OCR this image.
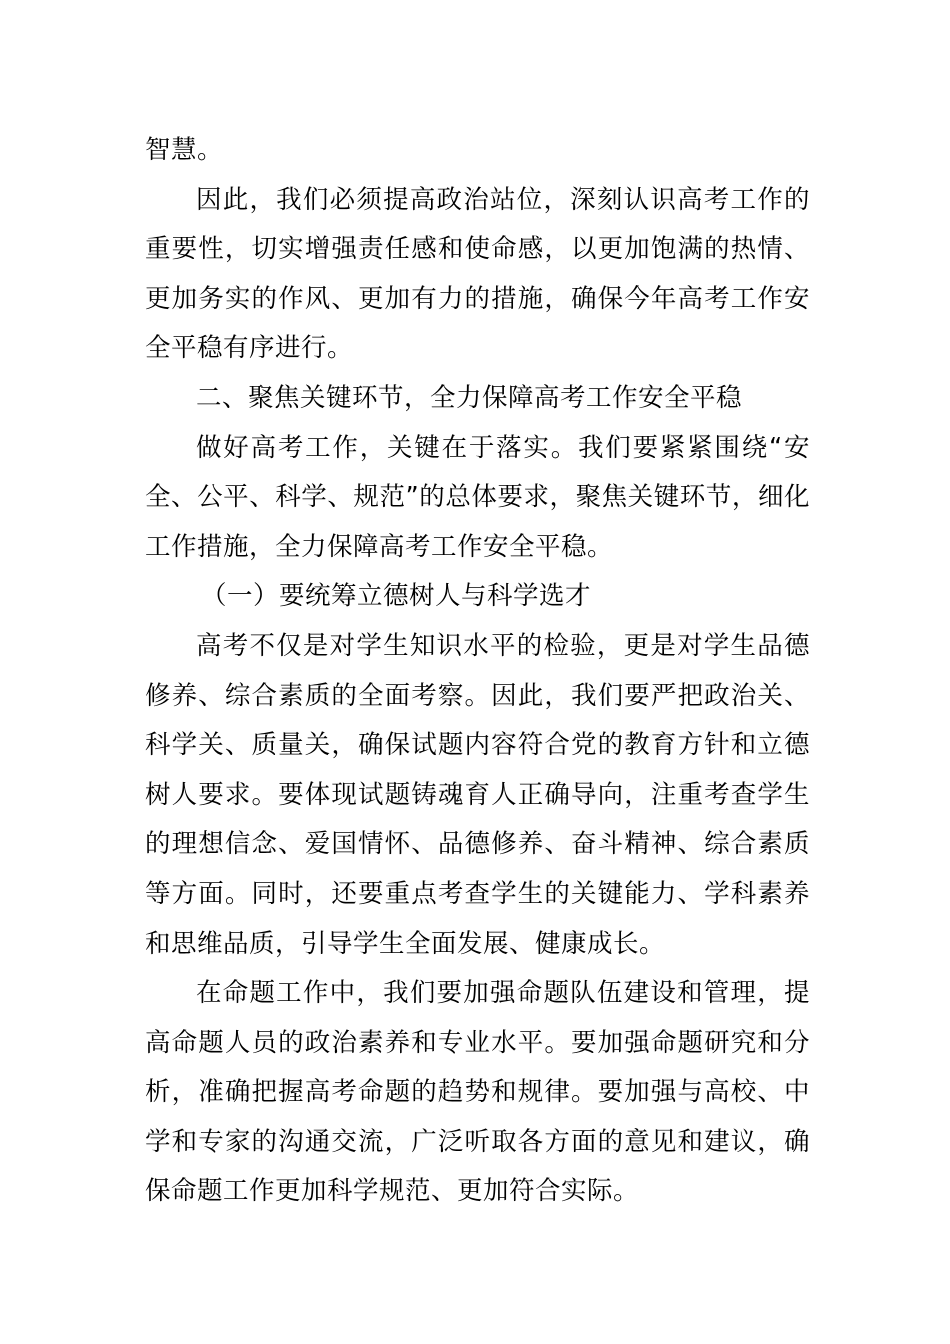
智慧。

因此，我们必须提高政治站位，深刻认识高考工作的重要性，切实增强责任感和使命感，以更加饱满的热情、更加务实的作风、更加有力的措施，确保今年高考工作安全平稳有序进行。

二、聚焦关键环节，全力保障高考工作安全平稳

做好高考工作，关键在于落实。我们要紧紧围绕“安全、公平、科学、规范”的总体要求，聚焦关键环节，细化工作措施，全力保障高考工作安全平稳。

（一）要统筹立德树人与科学选才

高考不仅是对学生知识水平的检验，更是对学生品德修养、综合素质的全面考察。因此，我们要严把政治关、科学关、质量关，确保试题内容符合党的教育方针和立德树人要求。要体现试题铸魂育人正确导向，注重考查学生的理想信念、爱国情怀、品德修养、奋斗精神、综合素质等方面。同时，还要重点考查学生的关键能力、学科素养和思维品质，引导学生全面发展、健康成长。

在命题工作中，我们要加强命题队伍建设和管理，提高命题人员的政治素养和专业水平。要加强命题研究和分析，准确把握高考命题的趋势和规律。要加强与高校、中学和专家的沟通交流，广泛听取各方面的意见和建议，确保命题工作更加科学规范、更加符合实际。
